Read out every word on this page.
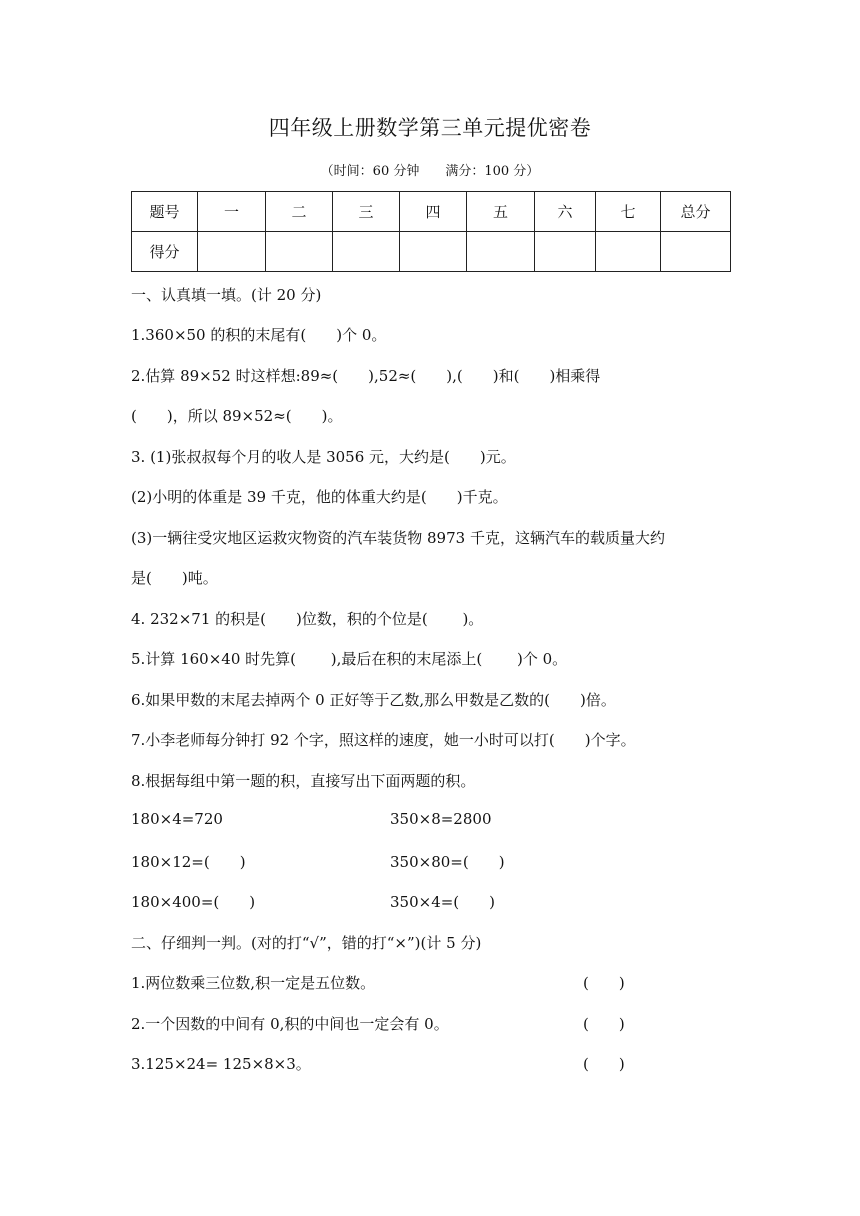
四年级上册数学第三单元提优密卷
（时间：60 分钟 满分：100 分）
题号	一	二	三	四	五	六	七	总分
得分								
一、认真填一填。(计 20 分)
1.360×50 的积的末尾有(　　)个 0。
2.估算 89×52 时这样想:89≈(　　),52≈(　　),(　　)和(　　)相乘得
(　　)，所以 89×52≈(　　)。
3. (1)张叔叔每个月的收人是 3056 元，大约是(　　)元。
(2)小明的体重是 39 千克，他的体重大约是(　　)千克。
(3)一辆往受灾地区运救灾物资的汽车装货物 8973 千克，这辆汽车的载质量大约
是(　　)吨。
4. 232×71 的积是(　　)位数，积的个位是(　　 )。
5.计算 160×40 时先算(　　 ),最后在积的末尾添上(　　 )个 0。
6.如果甲数的末尾去掉两个 0 正好等于乙数,那么甲数是乙数的(　　)倍。
7.小李老师每分钟打 92 个字，照这样的速度，她一小时可以打(　　)个字。
8.根据每组中第一题的积，直接写出下面两题的积。
180×4=720	350×8=2800
180×12=(　　)	350×80=(　　)
180×400=(　　)	350×4=(　　)
二、仔细判一判。(对的打“√”，错的打“×”)(计 5 分)
1.两位数乘三位数,积一定是五位数。	(　　)
2.一个因数的中间有 0,积的中间也一定会有 0。	(　　)
3.125×24= 125×8×3。	(　　)
